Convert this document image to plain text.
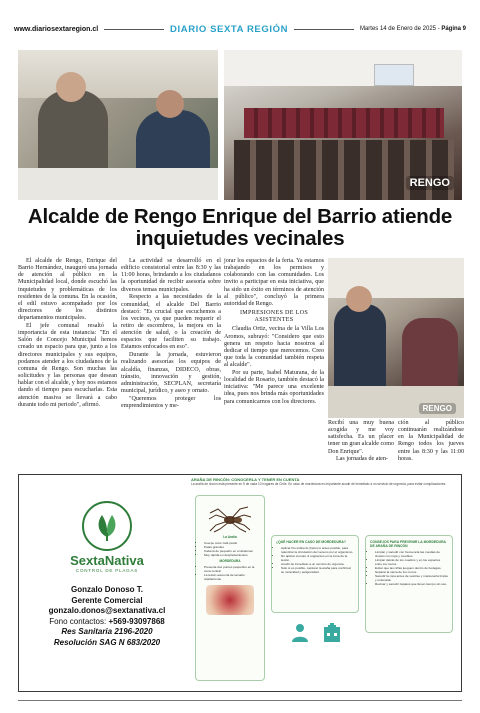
www.diariosextaregion.cl	DIARIO SEXTA REGIÓN	Martes 14 de Enero de 2025 - Página 9
RENGO
Alcalde de Rengo Enrique del Barrio atiende inquietudes vecinales

El alcalde de Rengo, Enrique del Barrio Hernández, inauguró una jornada de atención al público en la Municipalidad local, donde escuchó las inquietudes y problemáticas de los residentes de la comuna. En la ocasión, el edil estuvo acompañado por los directores de los distintos departamentos municipales.

El jefe comunal resaltó la importancia de esta instancia: "En el Salón de Concejo Municipal hemos creado un espacio para que, junto a los directores municipales y sus equipos, podamos atender a los ciudadanos de la comuna de Rengo. Son muchas las solicitudes y las personas que desean hablar con el alcalde, y hoy nos estamos dando el tiempo para escucharlas. Esta atención masiva se llevará a cabo durante todo mi periodo", afirmó.

La actividad se desarrolló en el edificio consistorial entre las 8:30 y las 11:00 horas, brindando a los ciudadanos la oportunidad de recibir asesoría sobre diversos temas municipales.

Respecto a las necesidades de la comunidad, el alcalde Del Barrio destacó: "Es crucial que escuchemos a los vecinos, ya que pueden requerir el retiro de escombros, la mejora en la atención de salud, o la creación de espacios que faciliten su trabajo. Estamos enfocados en eso".

Durante la jornada, estuvieron realizando asesorías los equipos de alcaldía, finanzas, DIDECO, obras, tránsito, innovación y gestión, administración, SECPLAN, secretaría municipal, jurídico, y aseo y ornato.

"Queremos proteger los emprendimientos y me-

jorar los espacios de la feria. Ya estamos trabajando en los permisos y colaborando con las comunidades. Los invito a participar en esta iniciativa, que ha sido un éxito en términos de atención al público", concluyó la primera autoridad de Rengo.

IMPRESIONES DE LOS ASISTENTES

Claudia Ortiz, vecina de la Villa Los Aromos, subrayó: "Considero que esto genera un respeto hacia nosotros al dedicar el tiempo que merecemos. Creo que toda la comunidad también respeta al alcalde".

Por su parte, Isabel Maturana, de la localidad de Rosario, también destacó la iniciativa: "Me parece una excelente idea, pues nos brinda más oportunidades para comunicarnos con los directores.

RENGO

Recibí una muy buena acogida y me voy satisfecha. Es un placer tener un gran alcalde como Don Enrique".

Las jornadas de aten-

ción al público continuarán realizándose en la Municipalidad de Rengo todos los jueves entre las 8:30 y las 11:00 horas.

SextaNativa
CONTROL DE PLAGAS
Gonzalo Donoso T.
Gerente Comercial
gonzalo.donos@sextanativa.cl
Fono contactos: +569-93097868
Res Sanitaria 2196-2020
Resolución SAG N 683/2020
ARAÑA DE RINCÓN: CONOCERLA Y TENER EN CUENTA
La araña de rincón está presente en 9 de cada 10 hogares de Chile. En caso de mordedura es importante acudir de inmediato a un servicio de urgencia, para evitar complicaciones.
La Araña
• Cuerpo color café pardo
• Patas grandes
• Cabeza de pequeño en el abdomen
• Muy rápida en desplazamientos
MORDEDURA
• Presenta dos puntos pequeños en la zona central
• La lesión aumenta de tamaño rápidamente
¿QUÉ HACER EN CASO DE MORDEDURA?
• Aplicar frío indirecto (hielo) lo antes posible, para ralentizar la circulación del veneno por el organismo.
• No aplicar cremas ni ungüentos en la zona de la lesión.
• Acudir de inmediato a un servicio de urgencia.
• Sólo si es posible, capturar la araña para confirmar su veracidad y peligrosidad.
CONSEJOS PARA PREVENIR LA MORDEDURA DE ARAÑA DE RINCÓN
• Limpiar y sacudir con frecuencia las mesitas de closets con ropa y muebles.
• Limpiar detrás de los cuadros y en los espacios entre los muros.
• Evitar que las niñas jueguen dentro de bodegas.
• Separar la cama de los muros.
• Sacudir la ropa antes de vestirse y mantenerla limpia y ordenada.
• Revisar y sacudir zapatos que lleven tiempo sin uso.
